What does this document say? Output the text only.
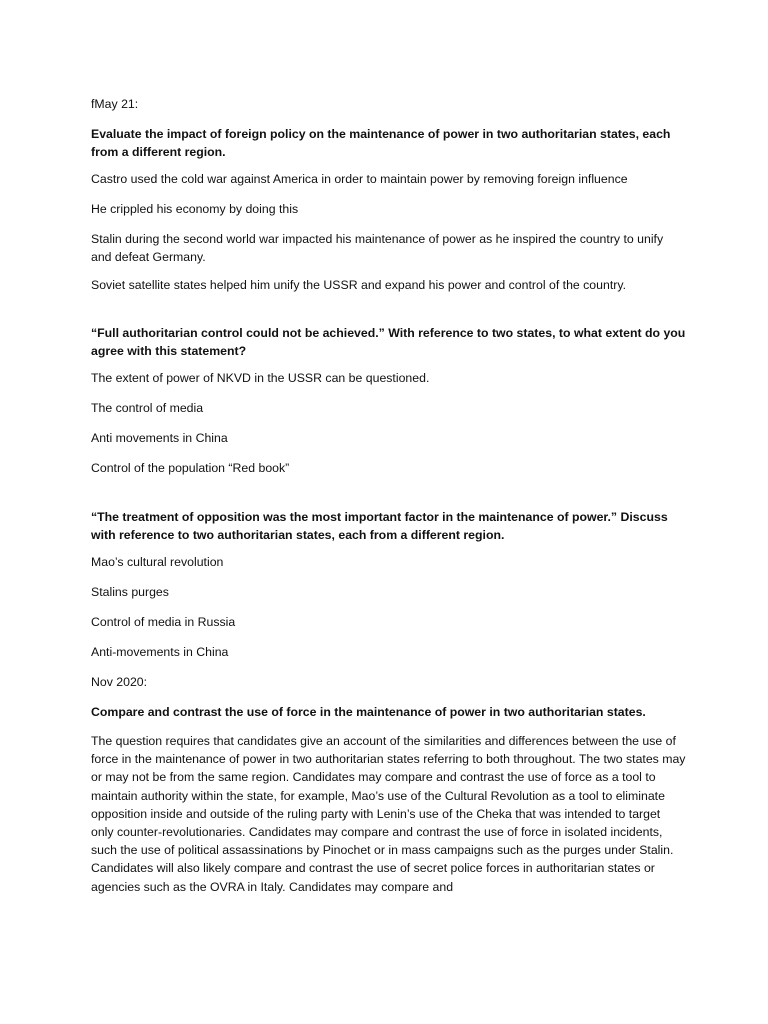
fMay 21:

Evaluate the impact of foreign policy on the maintenance of power in two authoritarian states, each from a different region.

Castro used the cold war against America in order to maintain power by removing foreign influence

He crippled his economy by doing this

Stalin during the second world war impacted his maintenance of power as he inspired the country to unify and defeat Germany.

Soviet satellite states helped him unify the USSR and expand his power and control of the country.

“Full authoritarian control could not be achieved.” With reference to two states, to what extent do you agree with this statement?

The extent of power of NKVD in the USSR can be questioned.

The control of media

Anti movements in China

Control of the population “Red book”

“The treatment of opposition was the most important factor in the maintenance of power.” Discuss with reference to two authoritarian states, each from a different region.

Mao’s cultural revolution

Stalins purges

Control of media in Russia

Anti-movements in China

Nov 2020:

Compare and contrast the use of force in the maintenance of power in two authoritarian states.

The question requires that candidates give an account of the similarities and differences between the use of force in the maintenance of power in two authoritarian states referring to both throughout. The two states may or may not be from the same region. Candidates may compare and contrast the use of force as a tool to maintain authority within the state, for example, Mao’s use of the Cultural Revolution as a tool to eliminate opposition inside and outside of the ruling party with Lenin’s use of the Cheka that was intended to target only counter-revolutionaries. Candidates may compare and contrast the use of force in isolated incidents, such the use of political assassinations by Pinochet or in mass campaigns such as the purges under Stalin. Candidates will also likely compare and contrast the use of secret police forces in authoritarian states or agencies such as the OVRA in Italy. Candidates may compare and
